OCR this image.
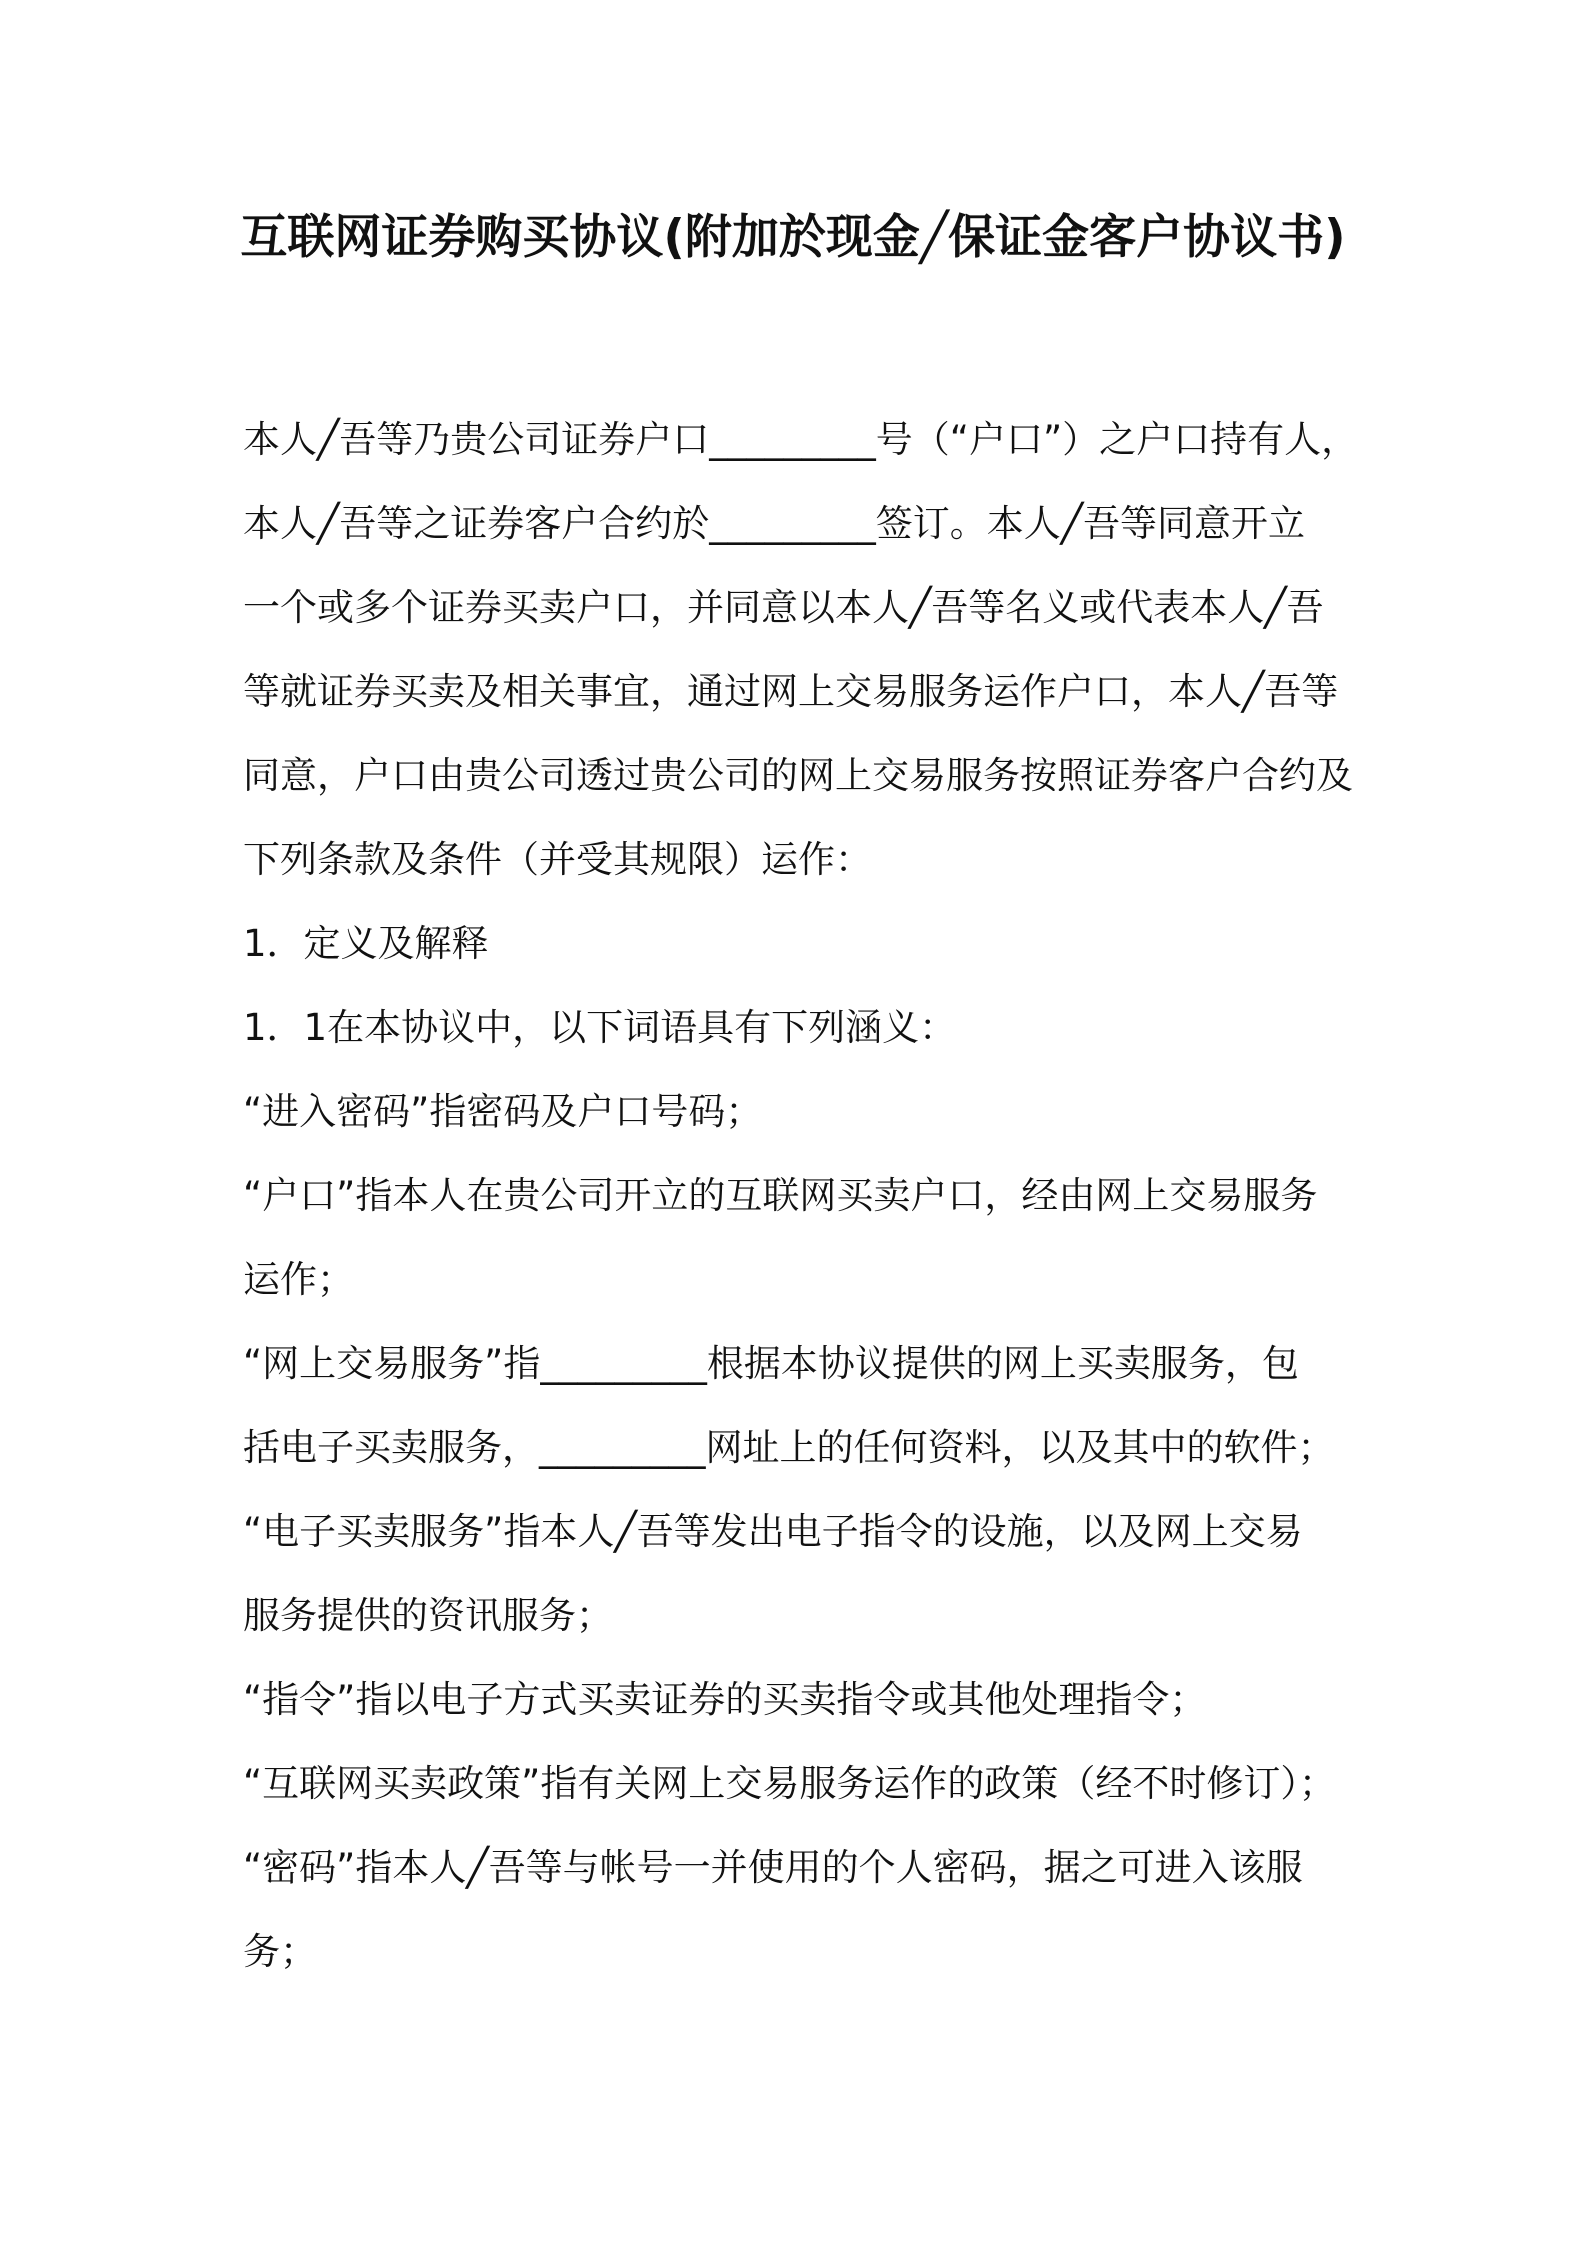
互联网证券购买协议(附加於现金╱保证金客户协议书)
本人╱吾等乃贵公司证券户口_________号（“户口”）之户口持有人，
本人╱吾等之证券客户合约於_________签订。本人╱吾等同意开立
一个或多个证券买卖户口，并同意以本人╱吾等名义或代表本人╱吾
等就证券买卖及相关事宜，通过网上交易服务运作户口，本人╱吾等
同意，户口由贵公司透过贵公司的网上交易服务按照证券客户合约及
下列条款及条件（并受其规限）运作：
1．定义及解释
1．1在本协议中，以下词语具有下列涵义：
“进入密码”指密码及户口号码；
“户口”指本人在贵公司开立的互联网买卖户口，经由网上交易服务
运作；
“网上交易服务”指_________根据本协议提供的网上买卖服务，包
括电子买卖服务，_________网址上的任何资料，以及其中的软件；
“电子买卖服务”指本人╱吾等发出电子指令的设施，以及网上交易
服务提供的资讯服务；
“指令”指以电子方式买卖证券的买卖指令或其他处理指令；
“互联网买卖政策”指有关网上交易服务运作的政策（经不时修订）；
“密码”指本人╱吾等与帐号一并使用的个人密码，据之可进入该服
务；
